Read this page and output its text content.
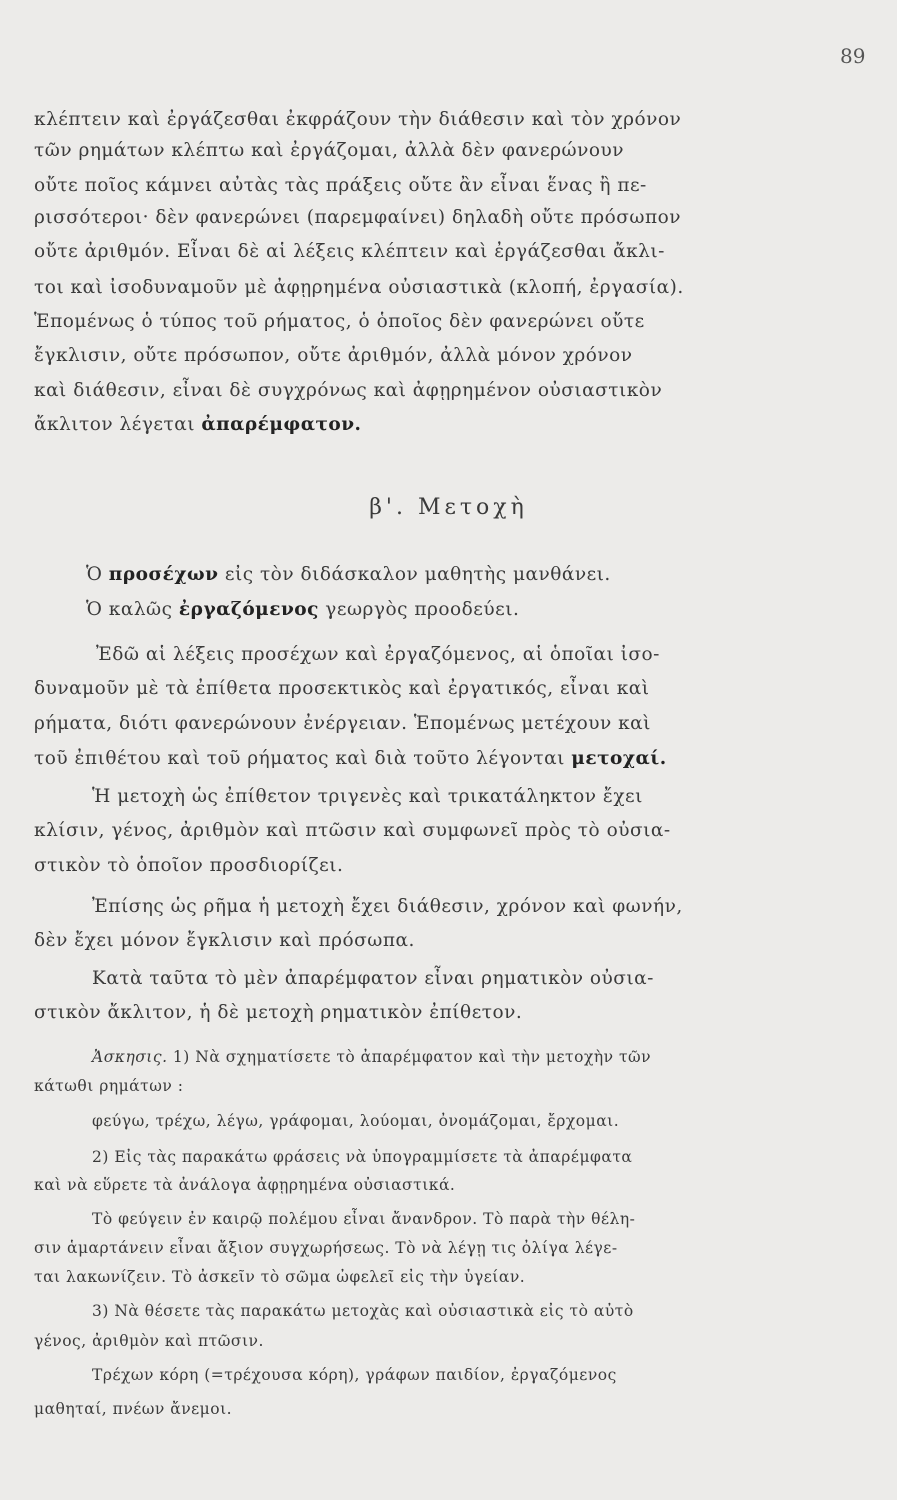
89
κλέπτειν καὶ ἐργάζεσθαι ἐκφράζουν τὴν διάθεσιν καὶ τὸν χρόνον
τῶν ρημάτων κλέπτω καὶ ἐργάζομαι, ἀλλὰ δὲν φανερώνουν
οὔτε ποῖος κάμνει αὐτὰς τὰς πράξεις οὔτε ἂν εἶναι ἕνας ἢ πε-
ρισσότεροι· δὲν φανερώνει (παρεμφαίνει) δηλαδὴ οὔτε πρόσωπον
οὔτε ἀριθμόν. Εἶναι δὲ αἱ λέξεις κλέπτειν καὶ ἐργάζεσθαι ἄκλι-
τοι καὶ ἰσοδυναμοῦν μὲ ἀφῃρημένα οὐσιαστικὰ (κλοπή, ἐργασία).
Ἑπομένως ὁ τύπος τοῦ ρήματος, ὁ ὁποῖος δὲν φανερώνει οὔτε
ἔγκλισιν, οὔτε πρόσωπον, οὔτε ἀριθμόν, ἀλλὰ μόνον χρόνον
καὶ διάθεσιν, εἶναι δὲ συγχρόνως καὶ ἀφῃρημένον οὐσιαστικὸν
ἄκλιτον λέγεται ἀπαρέμφατον.
β'. Μετοχὴ
Ὁ προσέχων εἰς τὸν διδάσκαλον μαθητὴς μανθάνει.
Ὁ καλῶς ἐργαζόμενος γεωργὸς προοδεύει.
Ἐδῶ αἱ λέξεις προσέχων καὶ ἐργαζόμενος, αἱ ὁποῖαι ἰσο-
δυναμοῦν μὲ τὰ ἐπίθετα προσεκτικὸς καὶ ἐργατικός, εἶναι καὶ
ρήματα, διότι φανερώνουν ἐνέργειαν. Ἑπομένως μετέχουν καὶ
τοῦ ἐπιθέτου καὶ τοῦ ρήματος καὶ διὰ τοῦτο λέγονται μετοχαί.
Ἡ μετοχὴ ὡς ἐπίθετον τριγενὲς καὶ τρικατάληκτον ἔχει
κλίσιν, γένος, ἀριθμὸν καὶ πτῶσιν καὶ συμφωνεῖ πρὸς τὸ οὐσια-
στικὸν τὸ ὁποῖον προσδιορίζει.
Ἐπίσης ὡς ρῆμα ἡ μετοχὴ ἔχει διάθεσιν, χρόνον καὶ φωνήν,
δὲν ἔχει μόνον ἔγκλισιν καὶ πρόσωπα.
Κατὰ ταῦτα τὸ μὲν ἀπαρέμφατον εἶναι ρηματικὸν οὐσια-
στικὸν ἄκλιτον, ἡ δὲ μετοχὴ ρηματικὸν ἐπίθετον.
Ἀσκησις. 1) Νὰ σχηματίσετε τὸ ἀπαρέμφατον καὶ τὴν μετοχὴν τῶν
κάτωθι ρημάτων :
φεύγω, τρέχω, λέγω, γράφομαι, λούομαι, ὀνομάζομαι, ἔρχομαι.
2) Εἰς τὰς παρακάτω φράσεις νὰ ὑπογραμμίσετε τὰ ἀπαρέμφατα
καὶ νὰ εὕρετε τὰ ἀνάλογα ἀφῃρημένα οὐσιαστικά.
Τὸ φεύγειν ἐν καιρῷ πολέμου εἶναι ἄνανδρον. Τὸ παρὰ τὴν θέλη-
σιν ἁμαρτάνειν εἶναι ἄξιον συγχωρήσεως. Τὸ νὰ λέγῃ τις ὀλίγα λέγε-
ται λακωνίζειν. Τὸ ἀσκεῖν τὸ σῶμα ὠφελεῖ εἰς τὴν ὑγείαν.
3) Νὰ θέσετε τὰς παρακάτω μετοχὰς καὶ οὐσιαστικὰ εἰς τὸ αὐτὸ
γένος, ἀριθμὸν καὶ πτῶσιν.
Τρέχων κόρη (=τρέχουσα κόρη), γράφων παιδίον, ἐργαζόμενος
μαθηταί, πνέων ἄνεμοι.
